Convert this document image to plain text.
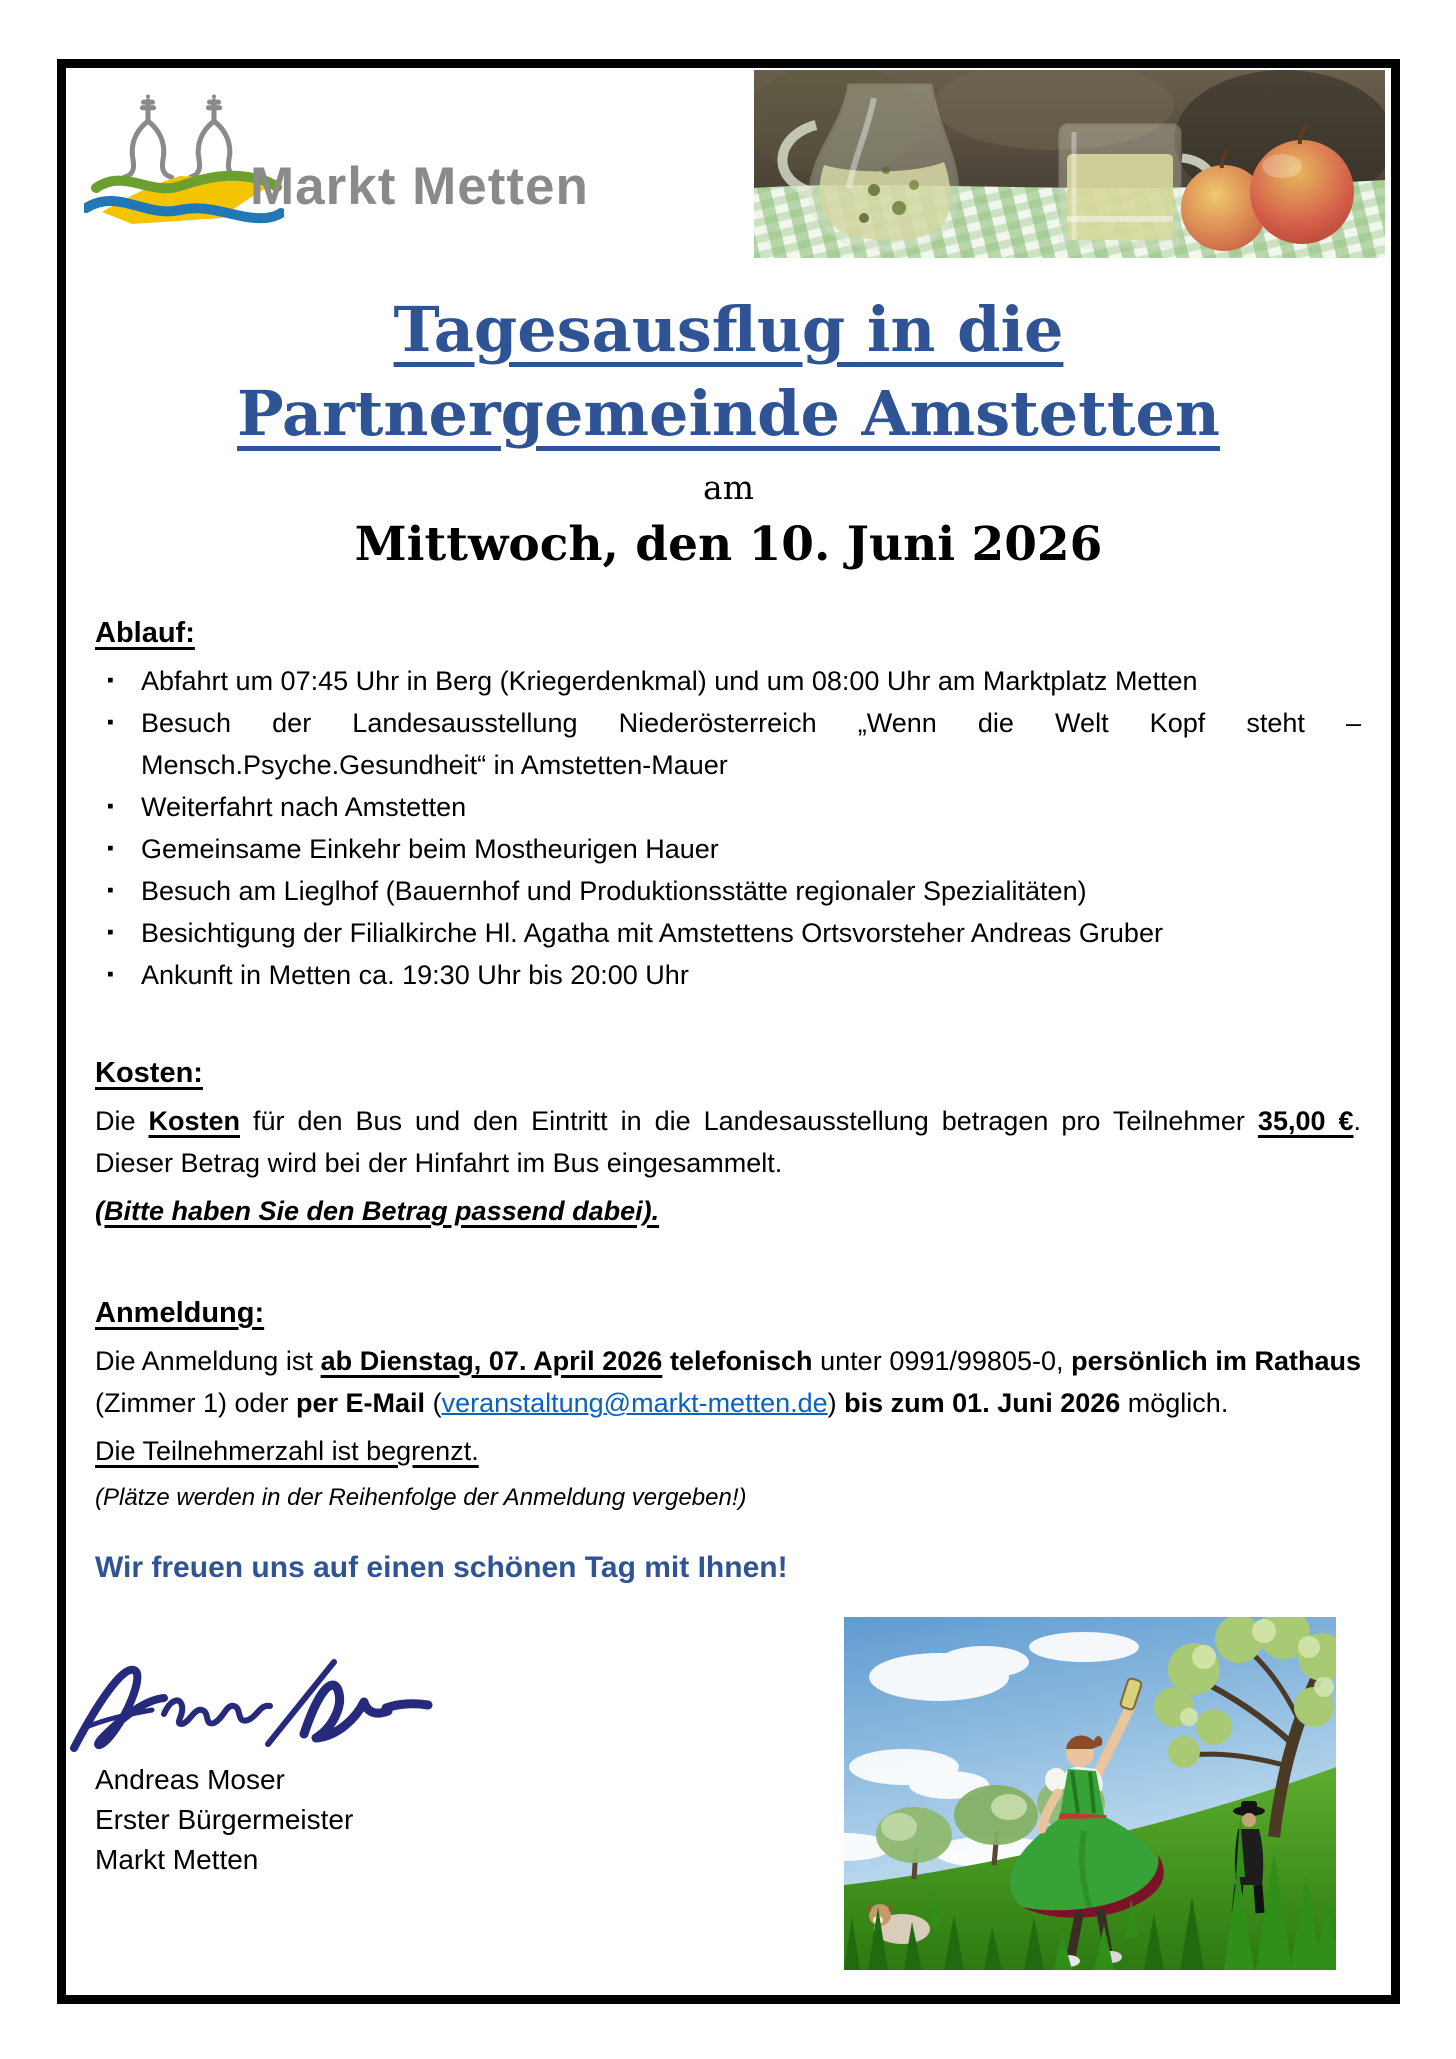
Markt Metten
Tagesausflug in die
Partnergemeinde Amstetten
am
Mittwoch, den 10. Juni 2026
Ablauf:
▪ Abfahrt um 07:45 Uhr in Berg (Kriegerdenkmal) und um 08:00 Uhr am Marktplatz Metten
▪ Besuch der Landesausstellung Niederösterreich „Wenn die Welt Kopf steht – Mensch.Psyche.Gesundheit“ in Amstetten-Mauer
▪ Weiterfahrt nach Amstetten
▪ Gemeinsame Einkehr beim Mostheurigen Hauer
▪ Besuch am Lieglhof (Bauernhof und Produktionsstätte regionaler Spezialitäten)
▪ Besichtigung der Filialkirche Hl. Agatha mit Amstettens Ortsvorsteher Andreas Gruber
▪ Ankunft in Metten ca. 19:30 Uhr bis 20:00 Uhr
Kosten:

Die Kosten für den Bus und den Eintritt in die Landesausstellung betragen pro Teilnehmer 35,00 €. Dieser Betrag wird bei der Hinfahrt im Bus eingesammelt.

(Bitte haben Sie den Betrag passend dabei).

Anmeldung:

Die Anmeldung ist ab Dienstag, 07. April 2026 telefonisch unter 0991/99805-0, persönlich im Rathaus (Zimmer 1) oder per E-Mail (veranstaltung@markt-metten.de) bis zum 01. Juni 2026 möglich.

Die Teilnehmerzahl ist begrenzt.

(Plätze werden in der Reihenfolge der Anmeldung vergeben!)

Wir freuen uns auf einen schönen Tag mit Ihnen!
Andreas Moser
Erster Bürgermeister
Markt Metten
